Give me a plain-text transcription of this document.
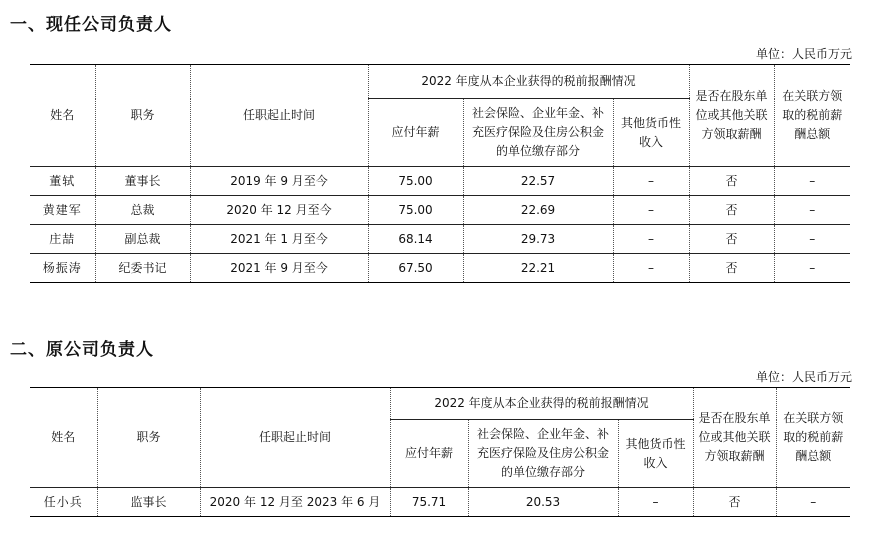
一、现任公司负责人
单位：人民币万元
姓名	职务	任职起止时间	2022 年度从本企业获得的税前报酬情况			是否在股东单位或其他关联方领取薪酬	在关联方领取的税前薪酬总额
			应付年薪	社会保险、企业年金、补充医疗保险及住房公积金的单位缴存部分	其他货币性收入		
董轼	董事长	2019 年 9 月至今	75.00	22.57	–	否	–
黄建军	总裁	2020 年 12 月至今	75.00	22.69	–	否	–
庄喆	副总裁	2021 年 1 月至今	68.14	29.73	–	否	–
杨振涛	纪委书记	2021 年 9 月至今	67.50	22.21	–	否	–
二、原公司负责人
单位：人民币万元
姓名	职务	任职起止时间	2022 年度从本企业获得的税前报酬情况			是否在股东单位或其他关联方领取薪酬	在关联方领取的税前薪酬总额
			应付年薪	社会保险、企业年金、补充医疗保险及住房公积金的单位缴存部分	其他货币性收入		
任小兵	监事长	2020 年 12 月至 2023 年 6 月	75.71	20.53	–	否	–
